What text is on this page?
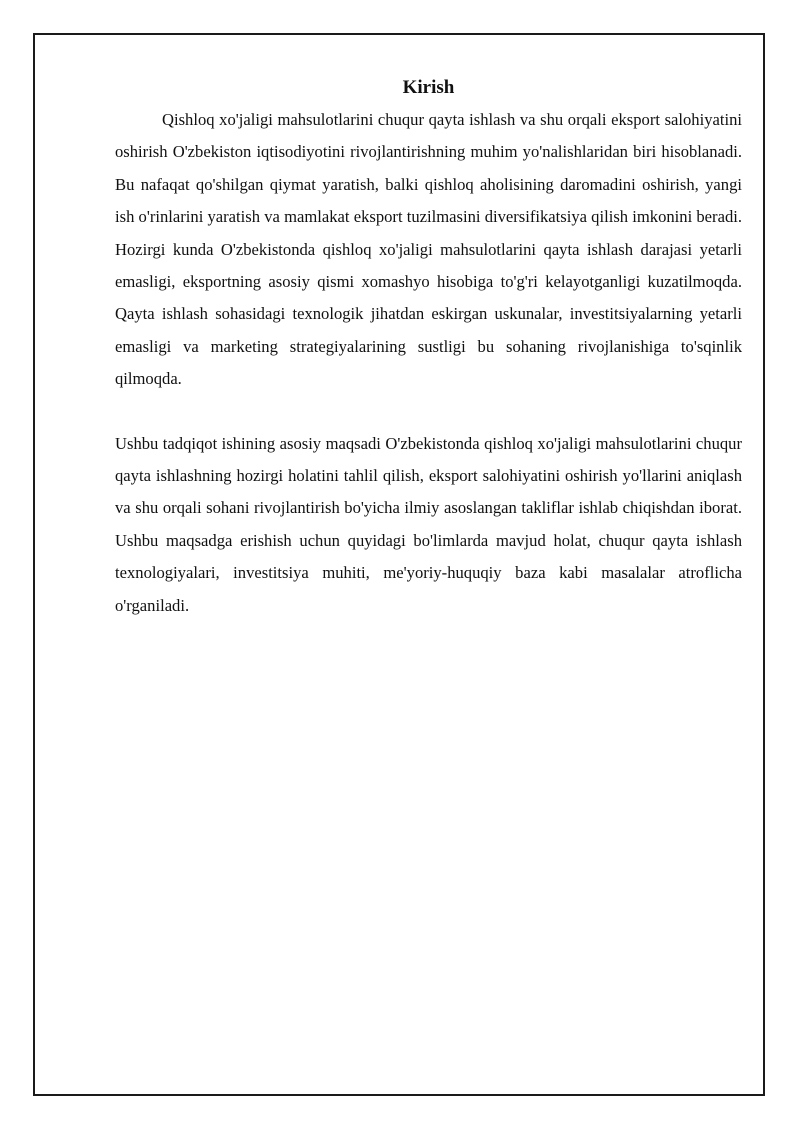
Kirish

Qishloq xo'jaligi mahsulotlarini chuqur qayta ishlash va shu orqali eksport salohiyatini oshirish O'zbekiston iqtisodiyotini rivojlantirishning muhim yo'nalishlaridan biri hisoblanadi. Bu nafaqat qo'shilgan qiymat yaratish, balki qishloq aholisining daromadini oshirish, yangi ish o'rinlarini yaratish va mamlakat eksport tuzilmasini diversifikatsiya qilish imkonini beradi. Hozirgi kunda O'zbekistonda qishloq xo'jaligi mahsulotlarini qayta ishlash darajasi yetarli emasligi, eksportning asosiy qismi xomashyo hisobiga to'g'ri kelayotganligi kuzatilmoqda. Qayta ishlash sohasidagi texnologik jihatdan eskirgan uskunalar, investitsiyalarning yetarli emasligi va marketing strategiyalarining sustligi bu sohaning rivojlanishiga to'sqinlik qilmoqda.

Ushbu tadqiqot ishining asosiy maqsadi O'zbekistonda qishloq xo'jaligi mahsulotlarini chuqur qayta ishlashning hozirgi holatini tahlil qilish, eksport salohiyatini oshirish yo'llarini aniqlash va shu orqali sohani rivojlantirish bo'yicha ilmiy asoslangan takliflar ishlab chiqishdan iborat. Ushbu maqsadga erishish uchun quyidagi bo'limlarda mavjud holat, chuqur qayta ishlash texnologiyalari, investitsiya muhiti, me'yoriy-huquqiy baza kabi masalalar atroflicha o'rganiladi.
